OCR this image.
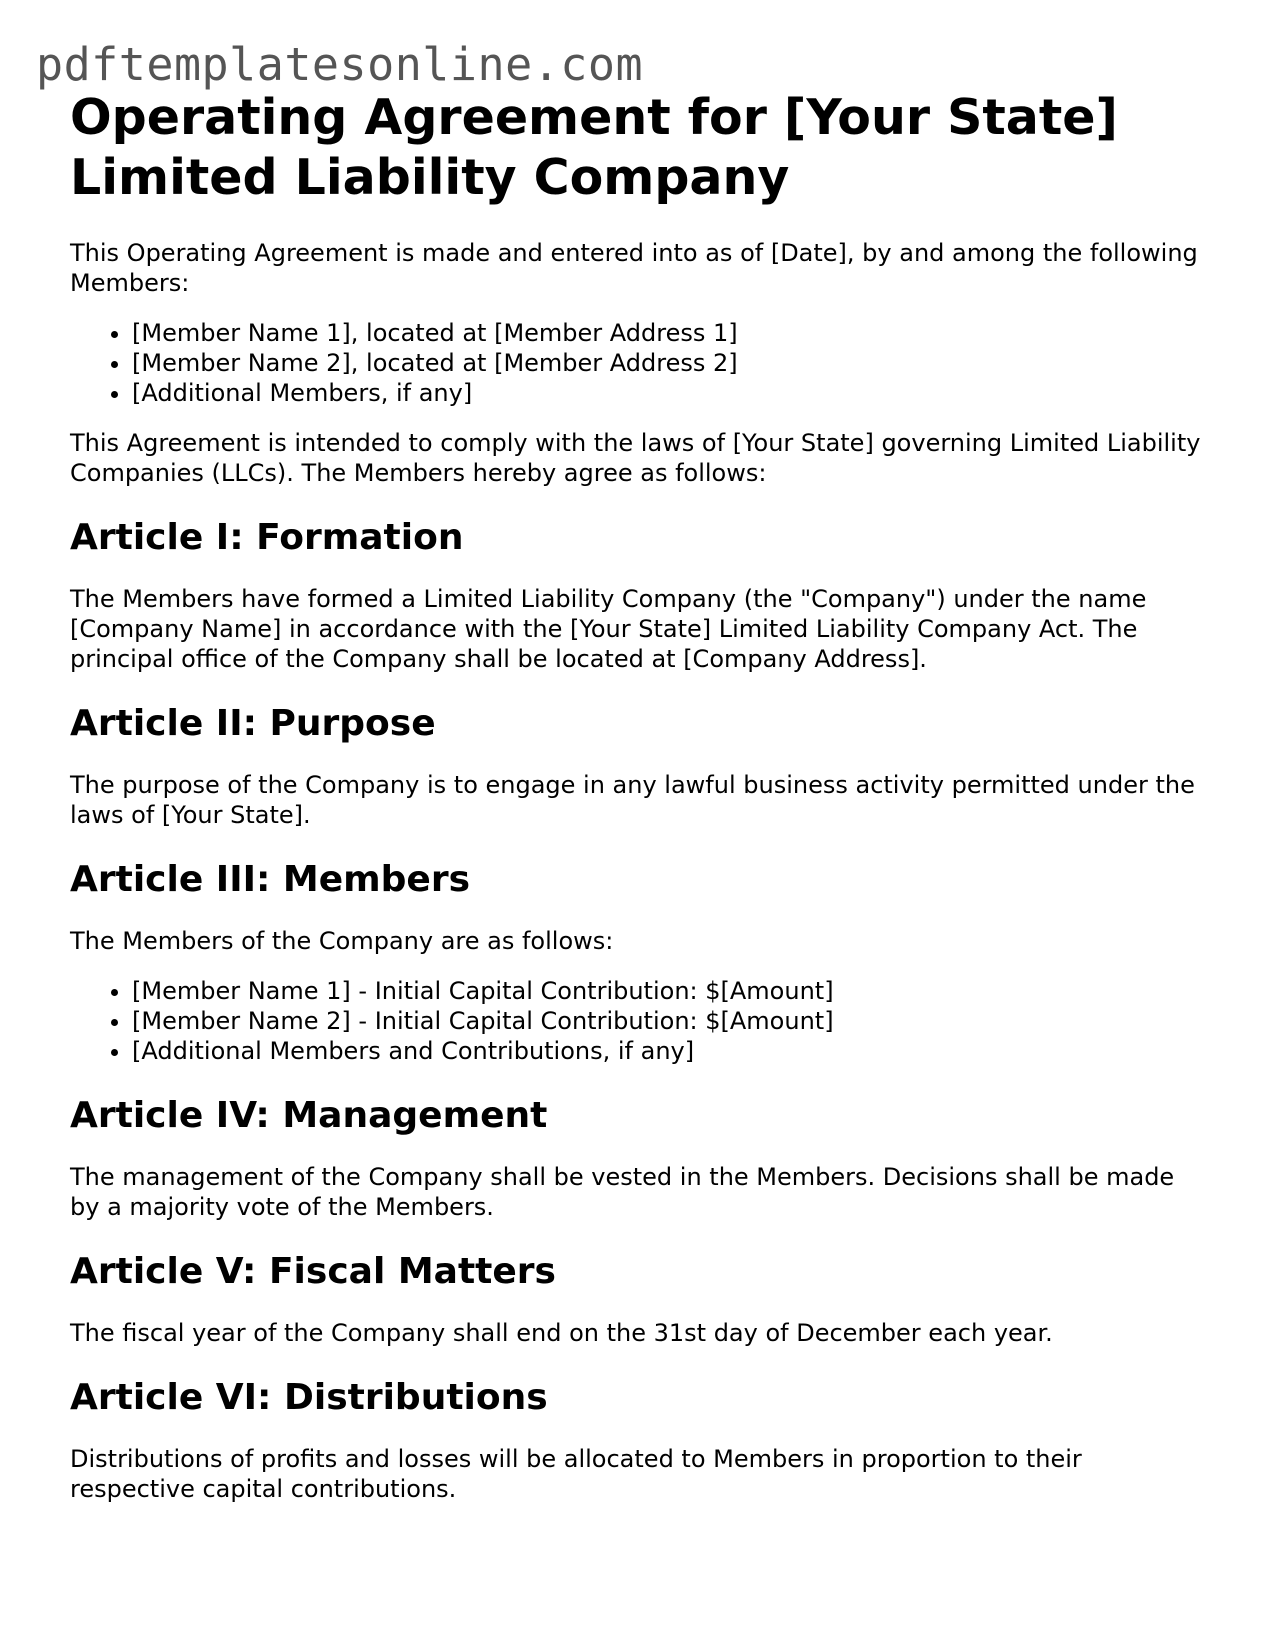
pdftemplatesonline.com
Operating Agreement for [Your State]
Limited Liability Company

This Operating Agreement is made and entered into as of [Date], by and among the following Members:

• [Member Name 1], located at [Member Address 1]
• [Member Name 2], located at [Member Address 2]
• [Additional Members, if any]

This Agreement is intended to comply with the laws of [Your State] governing Limited Liability Companies (LLCs). The Members hereby agree as follows:

Article I: Formation

The Members have formed a Limited Liability Company (the "Company") under the name [Company Name] in accordance with the [Your State] Limited Liability Company Act. The principal office of the Company shall be located at [Company Address].

Article II: Purpose

The purpose of the Company is to engage in any lawful business activity permitted under the laws of [Your State].

Article III: Members

The Members of the Company are as follows:

• [Member Name 1] - Initial Capital Contribution: $[Amount]
• [Member Name 2] - Initial Capital Contribution: $[Amount]
• [Additional Members and Contributions, if any]
Article IV: Management

The management of the Company shall be vested in the Members. Decisions shall be made by a majority vote of the Members.

Article V: Fiscal Matters

The fiscal year of the Company shall end on the 31st day of December each year.

Article VI: Distributions

Distributions of profits and losses will be allocated to Members in proportion to their respective capital contributions.
